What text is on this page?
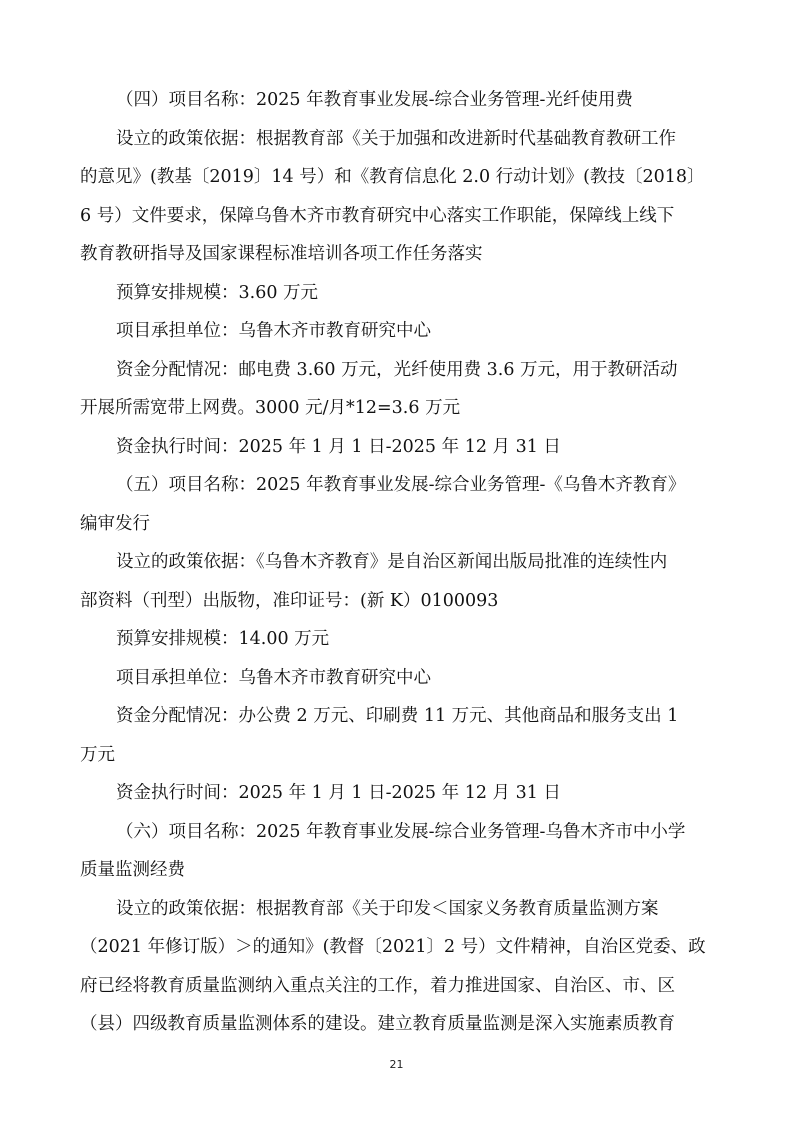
（四）项目名称：2025 年教育事业发展-综合业务管理-光纤使用费
设立的政策依据：根据教育部《关于加强和改进新时代基础教育教研工作
的意见》(教基〔2019〕14 号）和《教育信息化 2.0 行动计划》(教技〔2018〕
6 号）文件要求，保障乌鲁木齐市教育研究中心落实工作职能，保障线上线下
教育教研指导及国家课程标准培训各项工作任务落实
预算安排规模：3.60 万元
项目承担单位：乌鲁木齐市教育研究中心
资金分配情况：邮电费 3.60 万元，光纤使用费 3.6 万元，用于教研活动
开展所需宽带上网费。3000 元/月*12=3.6 万元
资金执行时间：2025 年 1 月 1 日-2025 年 12 月 31 日
（五）项目名称：2025 年教育事业发展-综合业务管理-《乌鲁木齐教育》
编审发行
设立的政策依据：《乌鲁木齐教育》是自治区新闻出版局批准的连续性内
部资料（刊型）出版物，准印证号：(新 K）0100093
预算安排规模：14.00 万元
项目承担单位：乌鲁木齐市教育研究中心
资金分配情况：办公费 2 万元、印刷费 11 万元、其他商品和服务支出 1
万元
资金执行时间：2025 年 1 月 1 日-2025 年 12 月 31 日
（六）项目名称：2025 年教育事业发展-综合业务管理-乌鲁木齐市中小学
质量监测经费
设立的政策依据：根据教育部《关于印发＜国家义务教育质量监测方案
（2021 年修订版）＞的通知》(教督〔2021〕2 号）文件精神，自治区党委、政
府已经将教育质量监测纳入重点关注的工作，着力推进国家、自治区、市、区
（县）四级教育质量监测体系的建设。建立教育质量监测是深入实施素质教育
21
